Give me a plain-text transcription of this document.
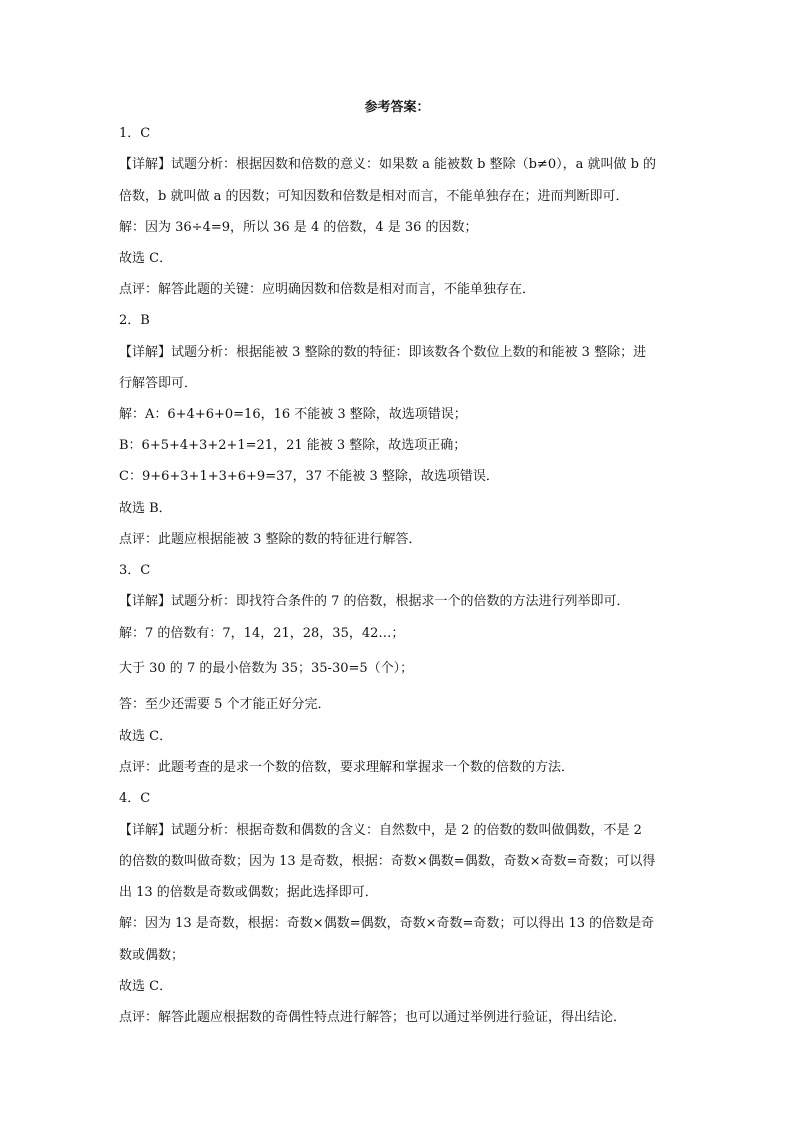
参考答案：
1．C
【详解】试题分析：根据因数和倍数的意义：如果数 a 能被数 b 整除（b≠0），a 就叫做 b 的
倍数，b 就叫做 a 的因数；可知因数和倍数是相对而言，不能单独存在；进而判断即可．
解：因为 36÷4=9，所以 36 是 4 的倍数，4 是 36 的因数；
故选 C．
点评：解答此题的关键：应明确因数和倍数是相对而言，不能单独存在．
2．B
【详解】试题分析：根据能被 3 整除的数的特征：即该数各个数位上数的和能被 3 整除；进
行解答即可．
解：A：6+4+6+0=16，16 不能被 3 整除，故选项错误；
B：6+5+4+3+2+1=21，21 能被 3 整除，故选项正确；
C：9+6+3+1+3+6+9=37，37 不能被 3 整除，故选项错误．
故选 B．
点评：此题应根据能被 3 整除的数的特征进行解答．
3．C
【详解】试题分析：即找符合条件的 7 的倍数，根据求一个的倍数的方法进行列举即可．
解：7 的倍数有：7，14，21，28，35，42…；
大于 30 的 7 的最小倍数为 35；35-30=5（个）；
答：至少还需要 5 个才能正好分完．
故选 C．
点评：此题考查的是求一个数的倍数，要求理解和掌握求一个数的倍数的方法．
4．C
【详解】试题分析：根据奇数和偶数的含义：自然数中，是 2 的倍数的数叫做偶数，不是 2
的倍数的数叫做奇数；因为 13 是奇数，根据：奇数×偶数=偶数，奇数×奇数=奇数；可以得
出 13 的倍数是奇数或偶数；据此选择即可．
解：因为 13 是奇数，根据：奇数×偶数=偶数，奇数×奇数=奇数；可以得出 13 的倍数是奇
数或偶数；
故选 C．
点评：解答此题应根据数的奇偶性特点进行解答；也可以通过举例进行验证，得出结论．
